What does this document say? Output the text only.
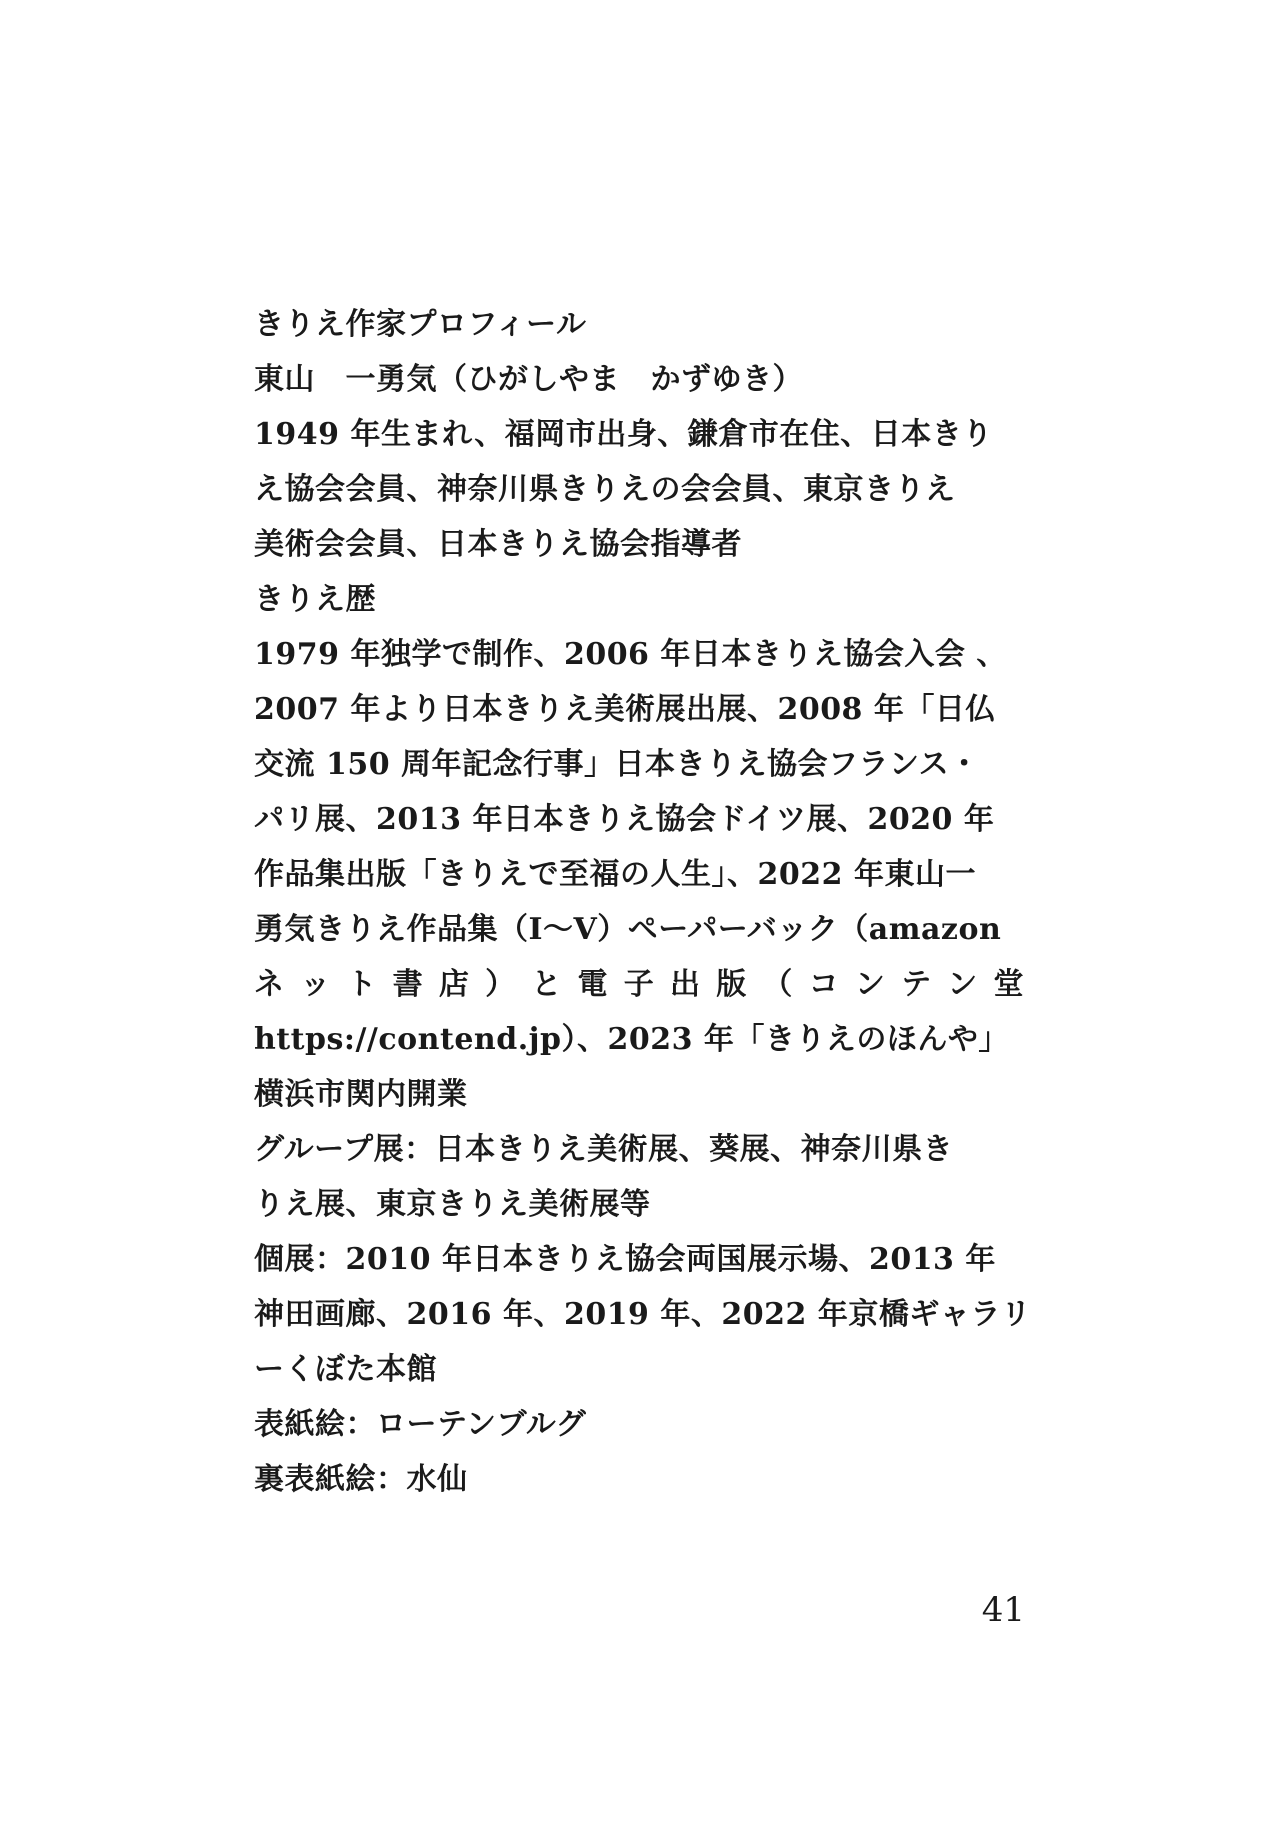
きりえ作家プロフィール
東山　一勇気（ひがしやま　かずゆき）
1949 年生まれ、福岡市出身、鎌倉市在住、日本きり
え協会会員、神奈川県きりえの会会員、東京きりえ
美術会会員、日本きりえ協会指導者
きりえ歴
1979 年独学で制作、2006 年日本きりえ協会入会 、
2007 年より日本きりえ美術展出展、2008 年「日仏
交流 150 周年記念行事」日本きりえ協会フランス・
パリ展、2013 年日本きりえ協会ドイツ展、2020 年
作品集出版「きりえで至福の人生」、2022 年東山一
勇気きりえ作品集（Ⅰ～Ⅴ）ペーパーバック（amazon
ネ ッ ト 書 店 ） と 電 子 出 版 （ コ ン テ ン 堂
https://contend.jp）、2023 年「きりえのほんや」
横浜市関内開業
グループ展：日本きりえ美術展、葵展、神奈川県き
りえ展、東京きりえ美術展等
個展：2010 年日本きりえ協会両国展示場、2013 年
神田画廊、2016 年、2019 年、2022 年京橋ギャラリ
ーくぼた本館
表紙絵：ローテンブルグ
裏表紙絵：水仙
41
